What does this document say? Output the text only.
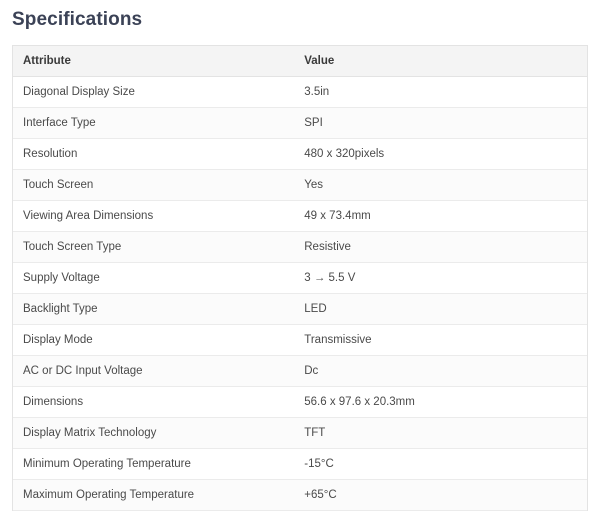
Specifications
Attribute	Value
Diagonal Display Size	3.5in
Interface Type	SPI
Resolution	480 x 320pixels
Touch Screen	Yes
Viewing Area Dimensions	49 x 73.4mm
Touch Screen Type	Resistive
Supply Voltage	3 → 5.5 V
Backlight Type	LED
Display Mode	Transmissive
AC or DC Input Voltage	Dc
Dimensions	56.6 x 97.6 x 20.3mm
Display Matrix Technology	TFT
Minimum Operating Temperature	-15°C
Maximum Operating Temperature	+65°C
